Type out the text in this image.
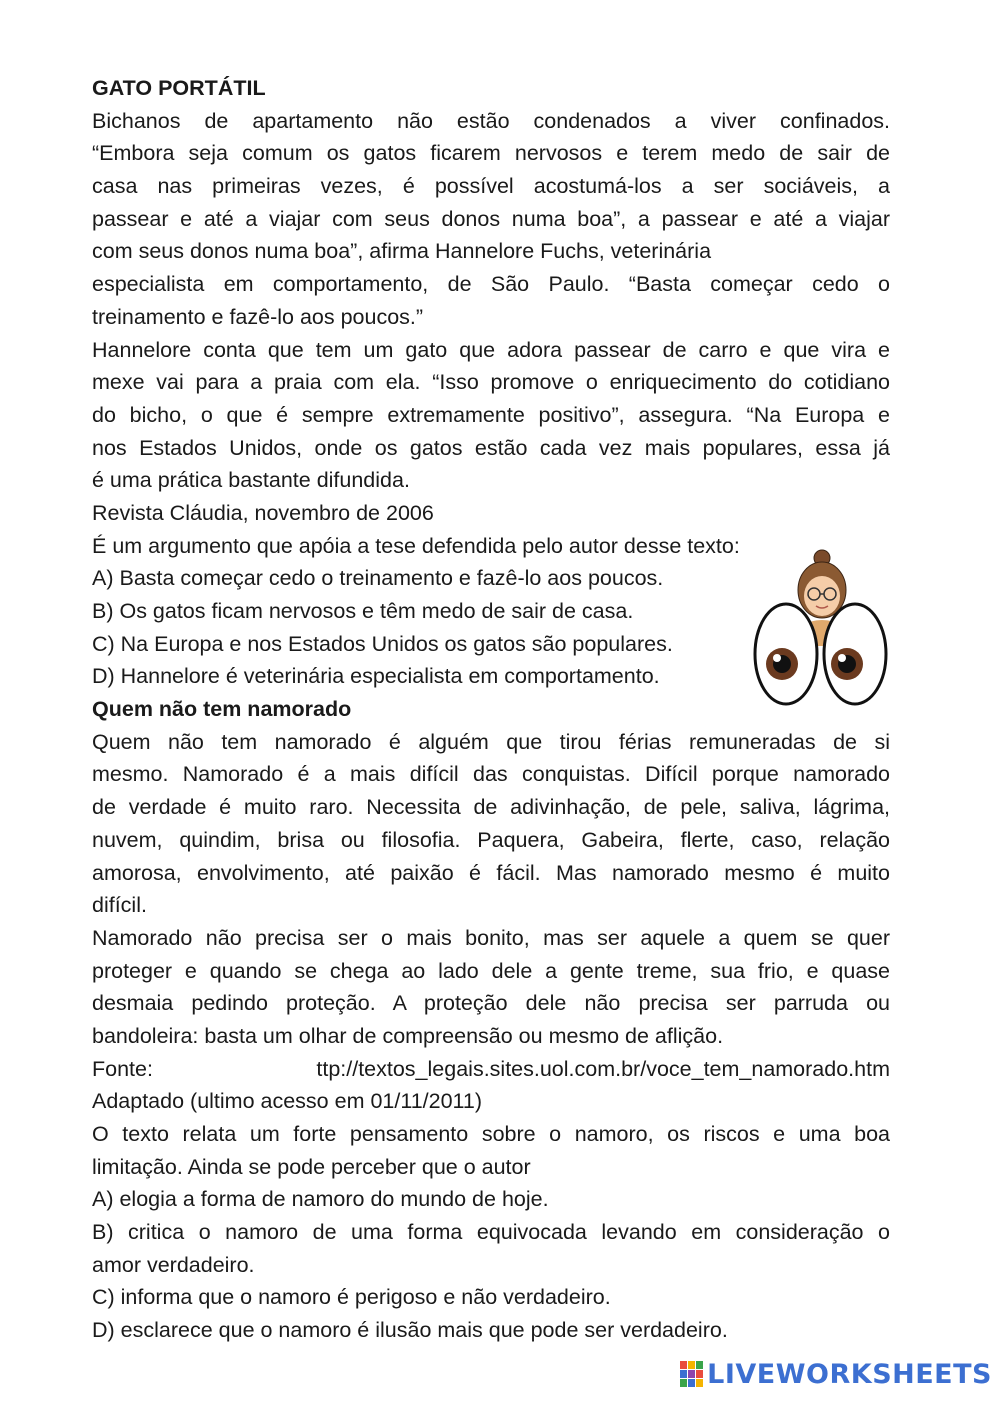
GATO PORTÁTIL
Bichanos de apartamento não estão condenados a viver confinados.
“Embora seja comum os gatos ficarem nervosos e terem medo de sair de
casa nas primeiras vezes, é possível acostumá-los a ser sociáveis, a
passear e até a viajar com seus donos numa boa”, a passear e até a viajar
com seus donos numa boa”, afirma Hannelore Fuchs, veterinária
especialista em comportamento, de São Paulo. “Basta começar cedo o
treinamento e fazê-lo aos poucos.”
Hannelore conta que tem um gato que adora passear de carro e que vira e
mexe vai para a praia com ela. “Isso promove o enriquecimento do cotidiano
do bicho, o que é sempre extremamente positivo”, assegura. “Na Europa e
nos Estados Unidos, onde os gatos estão cada vez mais populares, essa já
é uma prática bastante difundida.
Revista Cláudia, novembro de 2006
É um argumento que apóia a tese defendida pelo autor desse texto:
A) Basta começar cedo o treinamento e fazê-lo aos poucos.
B) Os gatos ficam nervosos e têm medo de sair de casa.
C) Na Europa e nos Estados Unidos os gatos são populares.
D) Hannelore é veterinária especialista em comportamento.
Quem não tem namorado
Quem não tem namorado é alguém que tirou férias remuneradas de si
mesmo. Namorado é a mais difícil das conquistas. Difícil porque namorado
de verdade é muito raro. Necessita de adivinhação, de pele, saliva, lágrima,
nuvem, quindim, brisa ou filosofia. Paquera, Gabeira, flerte, caso, relação
amorosa, envolvimento, até paixão é fácil. Mas namorado mesmo é muito
difícil.
Namorado não precisa ser o mais bonito, mas ser aquele a quem se quer
proteger e quando se chega ao lado dele a gente treme, sua frio, e quase
desmaia pedindo proteção. A proteção dele não precisa ser parruda ou
bandoleira: basta um olhar de compreensão ou mesmo de aflição.
Fonte:	ttp://textos_legais.sites.uol.com.br/voce_tem_namorado.htm
Adaptado (ultimo acesso em 01/11/2011)
O texto relata um forte pensamento sobre o namoro, os riscos e uma boa
limitação. Ainda se pode perceber que o autor
A) elogia a forma de namoro do mundo de hoje.
B) critica o namoro de uma forma equivocada levando em consideração o
amor verdadeiro.
C) informa que o namoro é perigoso e não verdadeiro.
D) esclarece que o namoro é ilusão mais que pode ser verdadeiro.
LIVEWORKSHEETS
